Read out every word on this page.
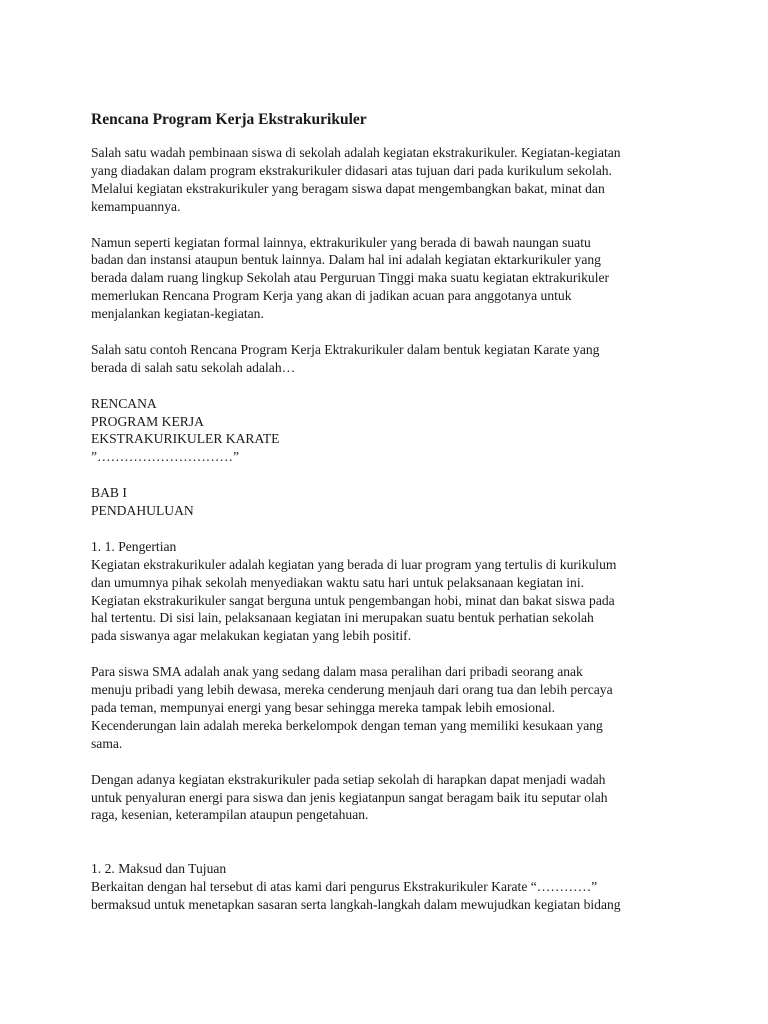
Rencana Program Kerja Ekstrakurikuler
Salah satu wadah pembinaan siswa di sekolah adalah kegiatan ekstrakurikuler. Kegiatan-kegiatan
yang diadakan dalam program ekstrakurikuler didasari atas tujuan dari pada kurikulum sekolah.
Melalui kegiatan ekstrakurikuler yang beragam siswa dapat mengembangkan bakat, minat dan
kemampuannya.
Namun seperti kegiatan formal lainnya, ektrakurikuler yang berada di bawah naungan suatu
badan dan instansi ataupun bentuk lainnya. Dalam hal ini adalah kegiatan ektarkurikuler yang
berada dalam ruang lingkup Sekolah atau Perguruan Tinggi maka suatu kegiatan ektrakurikuler
memerlukan Rencana Program Kerja yang akan di jadikan acuan para anggotanya untuk
menjalankan kegiatan-kegiatan.
Salah satu contoh Rencana Program Kerja Ektrakurikuler dalam bentuk kegiatan Karate yang
berada di salah satu sekolah adalah…
RENCANA
PROGRAM KERJA
EKSTRAKURIKULER KARATE
”…………………………”
BAB I
PENDAHULUAN
1. 1. Pengertian
Kegiatan ekstrakurikuler adalah kegiatan yang berada di luar program yang tertulis di kurikulum
dan umumnya pihak sekolah menyediakan waktu satu hari untuk pelaksanaan kegiatan ini.
Kegiatan ekstrakurikuler sangat berguna untuk pengembangan hobi, minat dan bakat siswa pada
hal tertentu. Di sisi lain, pelaksanaan kegiatan ini merupakan suatu bentuk perhatian sekolah
pada siswanya agar melakukan kegiatan yang lebih positif.
Para siswa SMA adalah anak yang sedang dalam masa peralihan dari pribadi seorang anak
menuju pribadi yang lebih dewasa, mereka cenderung menjauh dari orang tua dan lebih percaya
pada teman, mempunyai energi yang besar sehingga mereka tampak lebih emosional.
Kecenderungan lain adalah mereka berkelompok dengan teman yang memiliki kesukaan yang
sama.
Dengan adanya kegiatan ekstrakurikuler pada setiap sekolah di harapkan dapat menjadi wadah
untuk penyaluran energi para siswa dan jenis kegiatanpun sangat beragam baik itu seputar olah
raga, kesenian, keterampilan ataupun pengetahuan.
1. 2. Maksud dan Tujuan
Berkaitan dengan hal tersebut di atas kami dari pengurus Ekstrakurikuler Karate “…………”
bermaksud untuk menetapkan sasaran serta langkah-langkah dalam mewujudkan kegiatan bidang
